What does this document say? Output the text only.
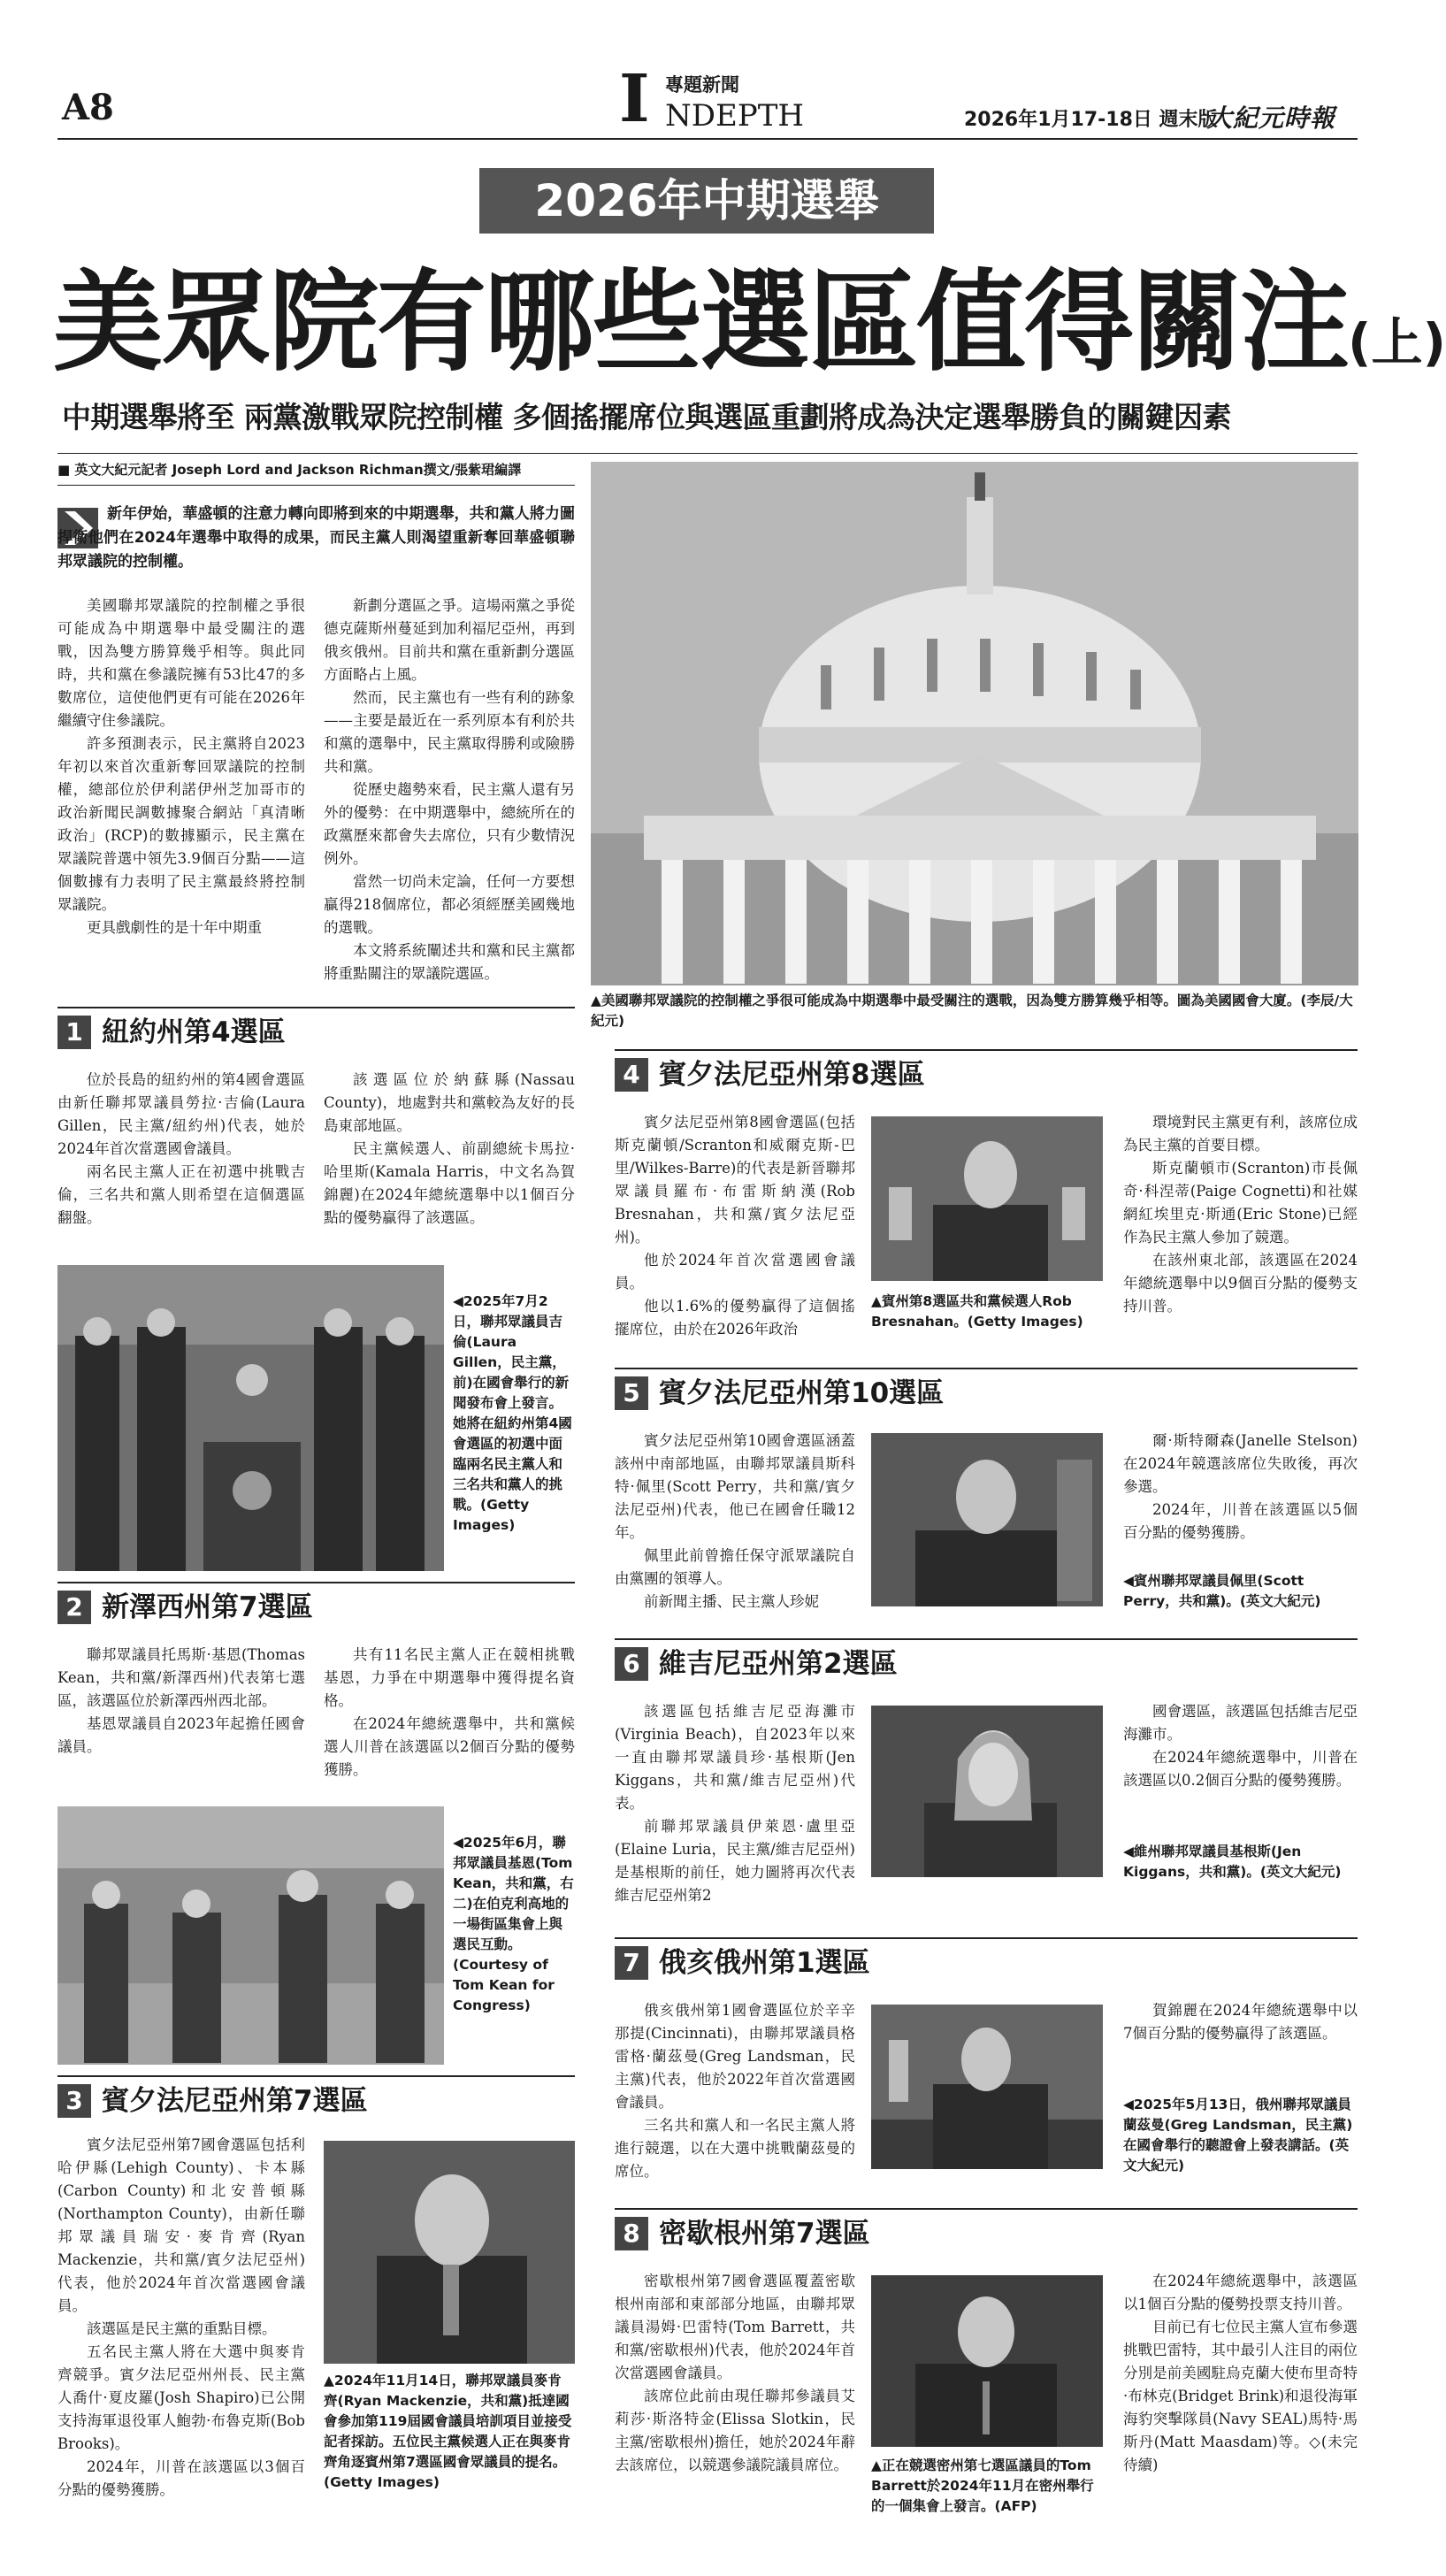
A8
專題新聞
I NDEPTH	2026年1月17-18日 週末版
大紀元時報
2026年中期選舉
美眾院有哪些選區值得關注(上)
中期選舉將至 兩黨激戰眾院控制權 多個搖擺席位與選區重劃將成為決定選舉勝負的關鍵因素
■ 英文大紀元記者 Joseph Lord and Jackson Richman撰文/張紫珺編譯
新年伊始，華盛頓的注意力轉向即將到來的中期選舉，共和黨人將力圖捍衛他們在2024年選舉中取得的成果，而民主黨人則渴望重新奪回華盛頓聯邦眾議院的控制權。

美國聯邦眾議院的控制權之爭很可能成為中期選舉中最受關注的選戰，因為雙方勝算幾乎相等。與此同時，共和黨在參議院擁有53比47的多數席位，這使他們更有可能在2026年繼續守住參議院。

許多預測表示，民主黨將自2023年初以來首次重新奪回眾議院的控制權，總部位於伊利諾伊州芝加哥市的政治新聞民調數據聚合網站「真清晰政治」(RCP)的數據顯示，民主黨在眾議院普選中領先3.9個百分點——這個數據有力表明了民主黨最終將控制眾議院。

更具戲劇性的是十年中期重

新劃分選區之爭。這場兩黨之爭從德克薩斯州蔓延到加利福尼亞州，再到俄亥俄州。目前共和黨在重新劃分選區方面略占上風。

然而，民主黨也有一些有利的跡象——主要是最近在一系列原本有利於共和黨的選舉中，民主黨取得勝利或險勝共和黨。

從歷史趨勢來看，民主黨人還有另外的優勢：在中期選舉中，總統所在的政黨歷來都會失去席位，只有少數情況例外。

當然一切尚未定論，任何一方要想贏得218個席位，都必須經歷美國幾地的選戰。

本文將系統闡述共和黨和民主黨都將重點關注的眾議院選區。

▲美國聯邦眾議院的控制權之爭很可能成為中期選舉中最受關注的選戰，因為雙方勝算幾乎相等。圖為美國國會大廈。(李辰/大紀元)
1 紐約州第4選區

位於長島的紐約州的第4國會選區由新任聯邦眾議員勞拉·吉倫(Laura Gillen，民主黨/紐約州)代表，她於2024年首次當選國會議員。

兩名民主黨人正在初選中挑戰吉倫，三名共和黨人則希望在這個選區翻盤。

該選區位於納蘇縣(Nassau County)，地處對共和黨較為友好的長島東部地區。

民主黨候選人、前副總統卡馬拉·哈里斯(Kamala Harris，中文名為賀錦麗)在2024年總統選舉中以1個百分點的優勢贏得了該選區。

◀2025年7月2日，聯邦眾議員吉倫(Laura Gillen，民主黨，前)在國會舉行的新聞發布會上發言。她將在紐約州第4國會選區的初選中面臨兩名民主黨人和三名共和黨人的挑戰。(Getty Images)
2 新澤西州第7選區

聯邦眾議員托馬斯·基恩(Thomas Kean，共和黨/新澤西州)代表第七選區，該選區位於新澤西州西北部。

基恩眾議員自2023年起擔任國會議員。

共有11名民主黨人正在競相挑戰基恩，力爭在中期選舉中獲得提名資格。

在2024年總統選舉中，共和黨候選人川普在該選區以2個百分點的優勢獲勝。

◀2025年6月，聯邦眾議員基恩(Tom Kean，共和黨，右二)在伯克利高地的一場街區集會上與選民互動。(Courtesy of Tom Kean for Congress)
3 賓夕法尼亞州第7選區

賓夕法尼亞州第7國會選區包括利哈伊縣(Lehigh County)、卡本縣(Carbon County)和北安普頓縣(Northampton County)，由新任聯邦眾議員瑞安·麥肯齊(Ryan Mackenzie，共和黨/賓夕法尼亞州)代表，他於2024年首次當選國會議員。

該選區是民主黨的重點目標。

五名民主黨人將在大選中與麥肯齊競爭。賓夕法尼亞州州長、民主黨人喬什·夏皮羅(Josh Shapiro)已公開支持海軍退役軍人鮑勃·布魯克斯(Bob Brooks)。

2024年，川普在該選區以3個百分點的優勢獲勝。

▲2024年11月14日，聯邦眾議員麥肯齊(Ryan Mackenzie，共和黨)抵達國會參加第119屆國會議員培訓項目並接受記者採訪。五位民主黨候選人正在與麥肯齊角逐賓州第7選區國會眾議員的提名。(Getty Images)
4 賓夕法尼亞州第8選區

賓夕法尼亞州第8國會選區(包括斯克蘭頓/Scranton和威爾克斯-巴里/Wilkes-Barre)的代表是新晉聯邦眾議員羅布·布雷斯納漢(Rob Bresnahan，共和黨/賓夕法尼亞州)。

他於2024年首次當選國會議員。

他以1.6%的優勢贏得了這個搖擺席位，由於在2026年政治

▲賓州第8選區共和黨候選人Rob Bresnahan。(Getty Images)

環境對民主黨更有利，該席位成為民主黨的首要目標。

斯克蘭頓市(Scranton)市長佩奇·科涅蒂(Paige Cognetti)和社媒網紅埃里克·斯通(Eric Stone)已經作為民主黨人參加了競選。

在該州東北部，該選區在2024年總統選舉中以9個百分點的優勢支持川普。

5 賓夕法尼亞州第10選區

賓夕法尼亞州第10國會選區涵蓋該州中南部地區，由聯邦眾議員斯科特·佩里(Scott Perry，共和黨/賓夕法尼亞州)代表，他已在國會任職12年。

佩里此前曾擔任保守派眾議院自由黨團的領導人。

前新聞主播、民主黨人珍妮

爾·斯特爾森(Janelle Stelson)在2024年競選該席位失敗後，再次參選。

2024年，川普在該選區以5個百分點的優勢獲勝。

◀賓州聯邦眾議員佩里(Scott Perry，共和黨)。(英文大紀元)
6 維吉尼亞州第2選區

該選區包括維吉尼亞海灘市(Virginia Beach)，自2023年以來一直由聯邦眾議員珍·基根斯(Jen Kiggans，共和黨/維吉尼亞州)代表。

前聯邦眾議員伊萊恩·盧里亞(Elaine Luria，民主黨/維吉尼亞州)是基根斯的前任，她力圖將再次代表維吉尼亞州第2

國會選區，該選區包括維吉尼亞海灘市。

在2024年總統選舉中，川普在該選區以0.2個百分點的優勢獲勝。

◀維州聯邦眾議員基根斯(Jen Kiggans，共和黨)。(英文大紀元)
7 俄亥俄州第1選區

俄亥俄州第1國會選區位於辛辛那提(Cincinnati)，由聯邦眾議員格雷格·蘭茲曼(Greg Landsman，民主黨)代表，他於2022年首次當選國會議員。

三名共和黨人和一名民主黨人將進行競選，以在大選中挑戰蘭茲曼的席位。

賀錦麗在2024年總統選舉中以7個百分點的優勢贏得了該選區。

◀2025年5月13日，俄州聯邦眾議員蘭茲曼(Greg Landsman，民主黨)在國會舉行的聽證會上發表講話。(英文大紀元)
8 密歇根州第7選區

密歇根州第7國會選區覆蓋密歇根州南部和東部部分地區，由聯邦眾議員湯姆·巴雷特(Tom Barrett，共和黨/密歇根州)代表，他於2024年首次當選國會議員。

該席位此前由現任聯邦參議員艾莉莎·斯洛特金(Elissa Slotkin，民主黨/密歇根州)擔任，她於2024年辭去該席位，以競選參議院議員席位。	▲正在競選密州第七選區議員的Tom Barrett於2024年11月在密州舉行的一個集會上發言。(AFP)

在2024年總統選舉中，該選區以1個百分點的優勢投票支持川普。

目前已有七位民主黨人宣布參選挑戰巴雷特，其中最引人注目的兩位分別是前美國駐烏克蘭大使布里奇特·布林克(Bridget Brink)和退役海軍海豹突擊隊員(Navy SEAL)馬特·馬斯丹(Matt Maasdam)等。◇(未完待續)
